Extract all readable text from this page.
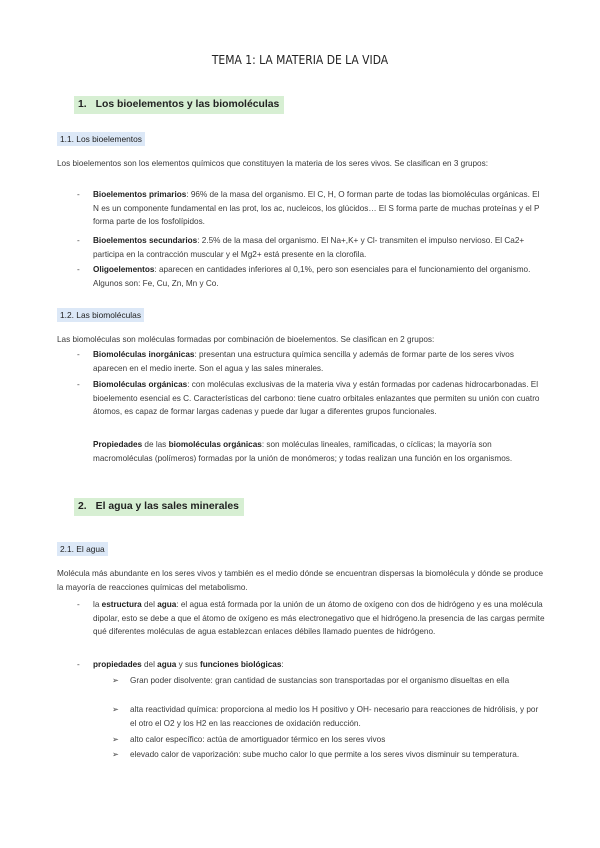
TEMA 1: LA MATERIA DE LA VIDA
1. Los bioelementos y las biomoléculas
1.1. Los bioelementos

Los bioelementos son los elementos químicos que constituyen la materia de los seres vivos. Se clasifican en 3 grupos:

- Bioelementos primarios: 96% de la masa del organismo. El C, H, O forman parte de todas las biomoléculas orgánicas. El N es un componente fundamental en las prot, los ac, nucleicos, los glúcidos… El S forma parte de muchas proteínas y el P forma parte de los fosfolípidos.

- Bioelementos secundarios: 2.5% de la masa del organismo. El Na+,K+ y Cl- transmiten el impulso nervioso. El Ca2+ participa en la contracción muscular y el Mg2+ está presente en la clorofila.

- Oligoelementos: aparecen en cantidades inferiores al 0,1%, pero son esenciales para el funcionamiento del organismo. Algunos son: Fe, Cu, Zn, Mn y Co.

1.2. Las biomoléculas

Las biomoléculas son moléculas formadas por combinación de bioelementos. Se clasifican en 2 grupos:

- Biomoléculas inorgánicas: presentan una estructura química sencilla y además de formar parte de los seres vivos aparecen en el medio inerte. Son el agua y las sales minerales.

- Biomoléculas orgánicas: con moléculas exclusivas de la materia viva y están formadas por cadenas hidrocarbonadas. El bioelemento esencial es C. Características del carbono: tiene cuatro orbitales enlazantes que permiten su unión con cuatro átomos, es capaz de formar largas cadenas y puede dar lugar a diferentes grupos funcionales.

Propiedades de las biomoléculas orgánicas: son moléculas lineales, ramificadas, o cíclicas; la mayoría son macromoléculas (polímeros) formadas por la unión de monómeros; y todas realizan una función en los organismos.

2. El agua y las sales minerales
2.1. El agua

Molécula más abundante en los seres vivos y también es el medio dónde se encuentran dispersas la biomolécula y dónde se produce la mayoría de reacciones químicas del metabolismo.

- la estructura del agua: el agua está formada por la unión de un átomo de oxígeno con dos de hidrógeno y es una molécula dipolar, esto se debe a que el átomo de oxígeno es más electronegativo que el hidrógeno.la presencia de las cargas permite qué diferentes moléculas de agua establezcan enlaces débiles llamado puentes de hidrógeno.

- propiedades del agua y sus funciones biológicas:

➢ Gran poder disolvente: gran cantidad de sustancias son transportadas por el organismo disueltas en ella

➢ alta reactividad química: proporciona al medio los H positivo y OH- necesario para reacciones de hidrólisis, y por el otro el O2 y los H2 en las reacciones de oxidación reducción.

➢ alto calor específico: actúa de amortiguador térmico en los seres vivos

➢ elevado calor de vaporización: sube mucho calor lo que permite a los seres vivos disminuir su temperatura.
